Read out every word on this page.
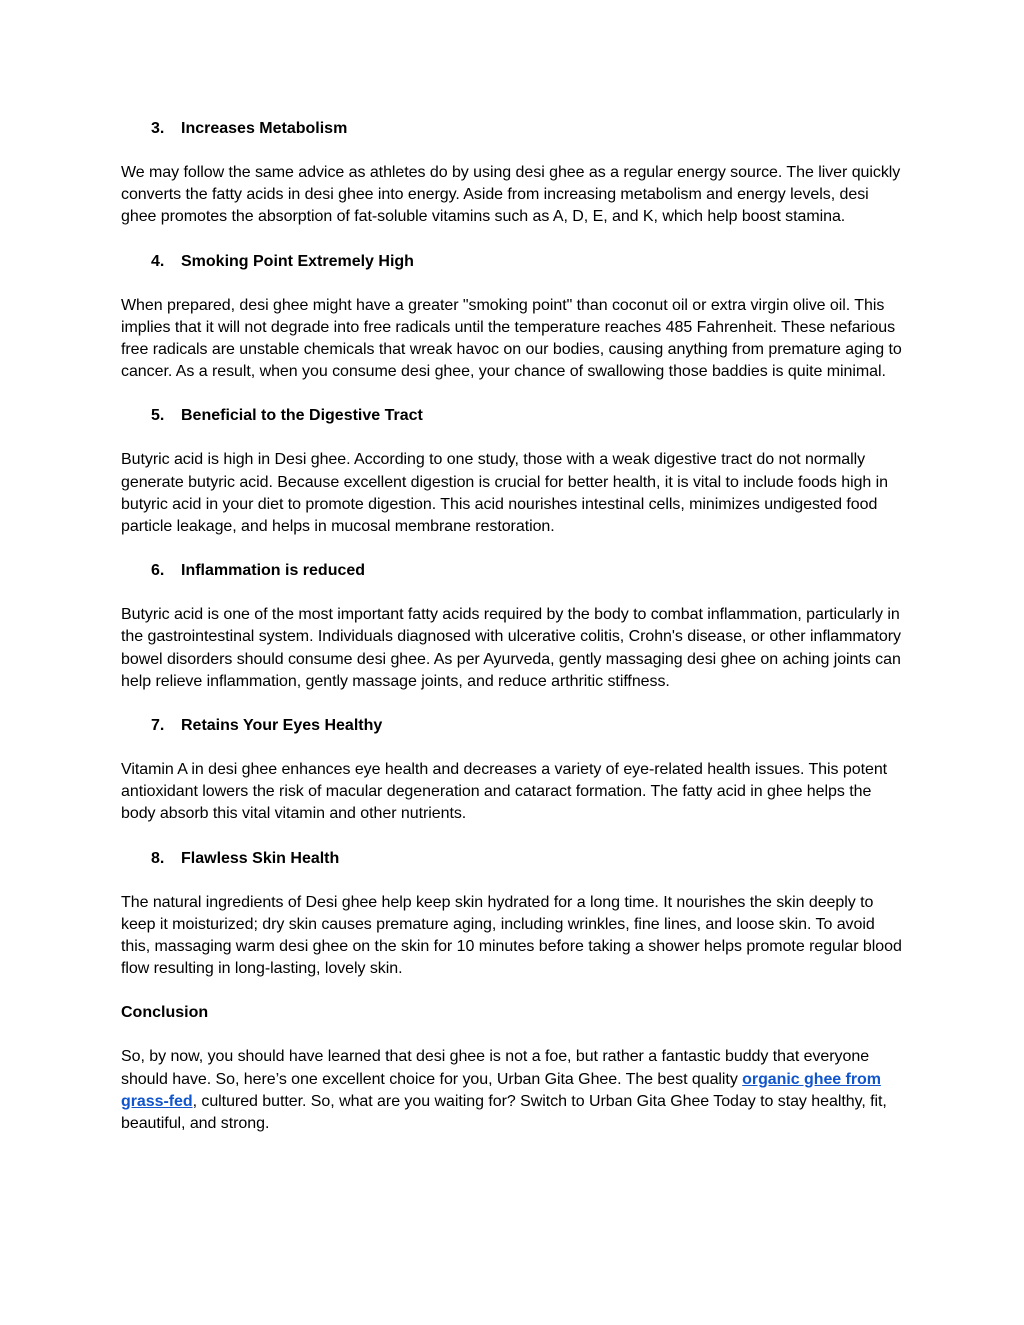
3.	Increases Metabolism

We may follow the same advice as athletes do by using desi ghee as a regular energy source. The liver quickly converts the fatty acids in desi ghee into energy. Aside from increasing metabolism and energy levels, desi ghee promotes the absorption of fat-soluble vitamins such as A, D, E, and K, which help boost stamina.

4.	Smoking Point Extremely High

When prepared, desi ghee might have a greater "smoking point" than coconut oil or extra virgin olive oil. This implies that it will not degrade into free radicals until the temperature reaches 485 Fahrenheit. These nefarious free radicals are unstable chemicals that wreak havoc on our bodies, causing anything from premature aging to cancer. As a result, when you consume desi ghee, your chance of swallowing those baddies is quite minimal.

5.	Beneficial to the Digestive Tract

Butyric acid is high in Desi ghee. According to one study, those with a weak digestive tract do not normally generate butyric acid. Because excellent digestion is crucial for better health, it is vital to include foods high in butyric acid in your diet to promote digestion. This acid nourishes intestinal cells, minimizes undigested food particle leakage, and helps in mucosal membrane restoration.

6.	Inflammation is reduced

Butyric acid is one of the most important fatty acids required by the body to combat inflammation, particularly in the gastrointestinal system. Individuals diagnosed with ulcerative colitis, Crohn's disease, or other inflammatory bowel disorders should consume desi ghee. As per Ayurveda, gently massaging desi ghee on aching joints can help relieve inflammation, gently massage joints, and reduce arthritic stiffness.

7.	Retains Your Eyes Healthy

Vitamin A in desi ghee enhances eye health and decreases a variety of eye-related health issues. This potent antioxidant lowers the risk of macular degeneration and cataract formation. The fatty acid in ghee helps the body absorb this vital vitamin and other nutrients.

8.	Flawless Skin Health

The natural ingredients of Desi ghee help keep skin hydrated for a long time. It nourishes the skin deeply to keep it moisturized; dry skin causes premature aging, including wrinkles, fine lines, and loose skin. To avoid this, massaging warm desi ghee on the skin for 10 minutes before taking a shower helps promote regular blood flow resulting in long-lasting, lovely skin.

Conclusion

So, by now, you should have learned that desi ghee is not a foe, but rather a fantastic buddy that everyone should have. So, here’s one excellent choice for you, Urban Gita Ghee. The best quality organic ghee from grass-fed, cultured butter. So, what are you waiting for? Switch to Urban Gita Ghee Today to stay healthy, fit, beautiful, and strong.
